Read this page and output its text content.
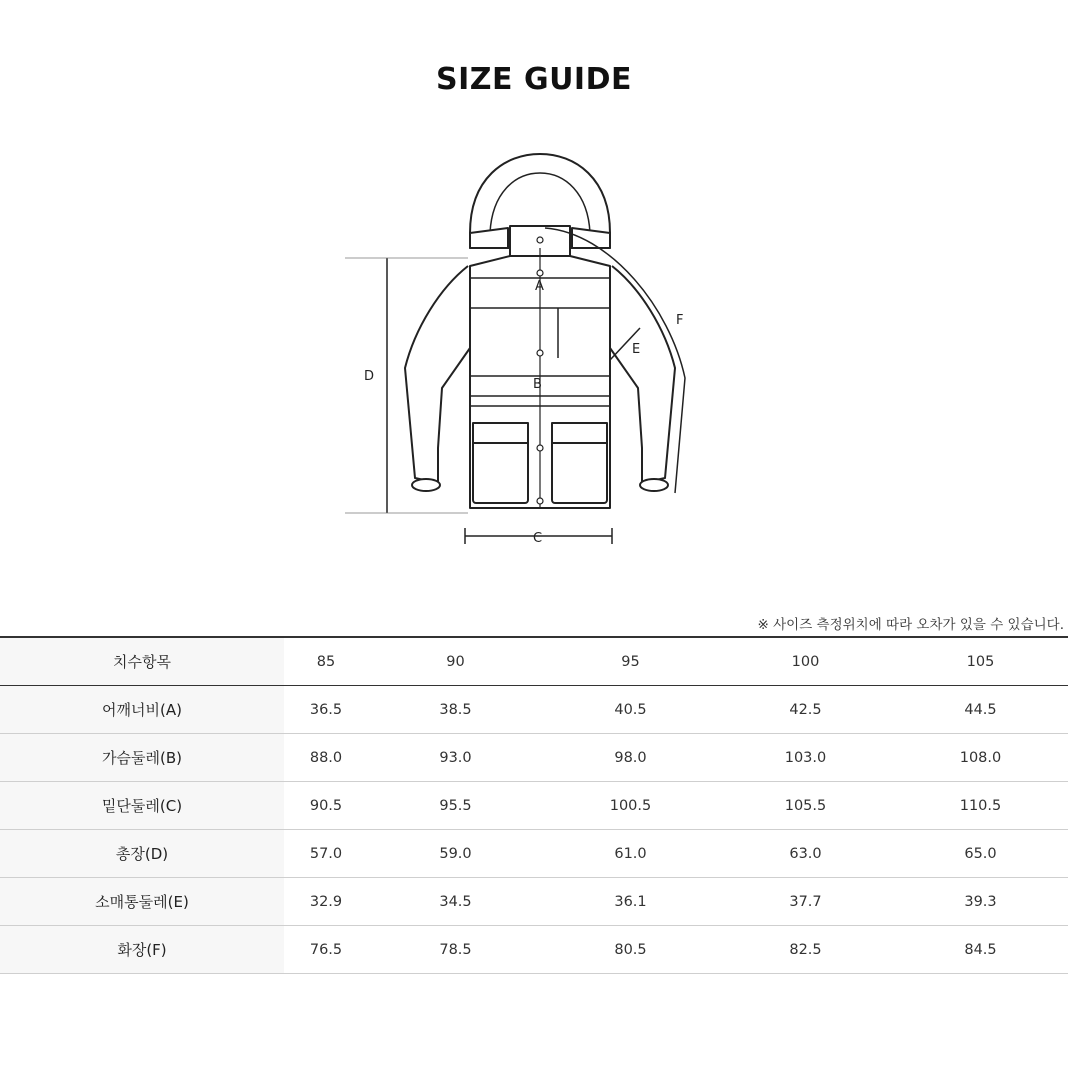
SIZE GUIDE
A
B
C
D
E
F
※ 사이즈 측정위치에 따라 오차가 있을 수 있습니다.
치수항목	85	90	95	100	105
어깨너비(A)	36.5	38.5	40.5	42.5	44.5
가슴둘레(B)	88.0	93.0	98.0	103.0	108.0
밑단둘레(C)	90.5	95.5	100.5	105.5	110.5
총장(D)	57.0	59.0	61.0	63.0	65.0
소매통둘레(E)	32.9	34.5	36.1	37.7	39.3
화장(F)	76.5	78.5	80.5	82.5	84.5
